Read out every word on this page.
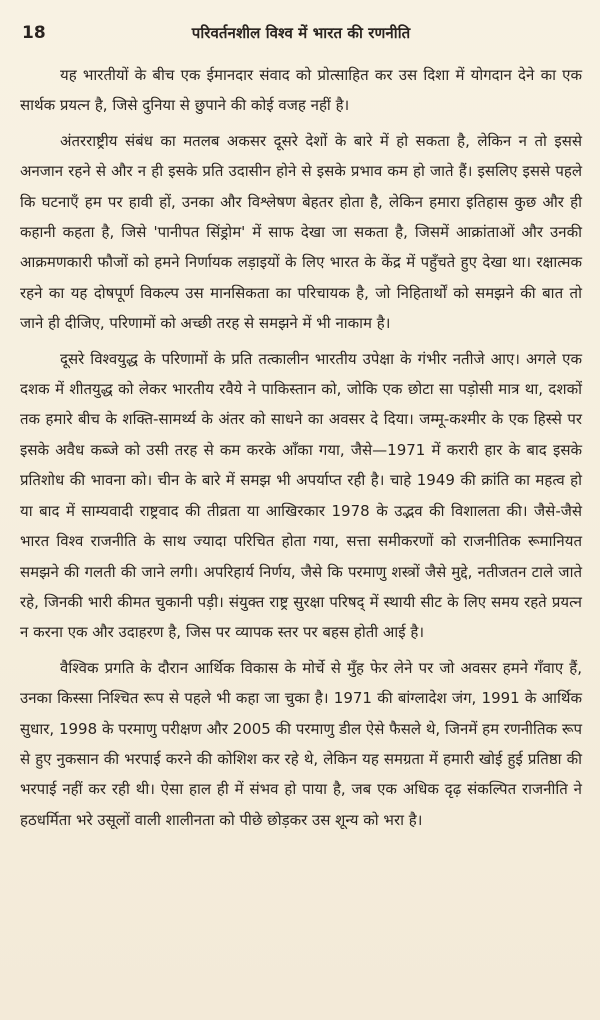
18	परिवर्तनशील विश्व में भारत की रणनीति

यह भारतीयों के बीच एक ईमानदार संवाद को प्रोत्साहित कर उस दिशा में योगदान देने का एक सार्थक प्रयत्न है, जिसे दुनिया से छुपाने की कोई वजह नहीं है।

अंतरराष्ट्रीय संबंध का मतलब अकसर दूसरे देशों के बारे में हो सकता है, लेकिन न तो इससे अनजान रहने से और न ही इसके प्रति उदासीन होने से इसके प्रभाव कम हो जाते हैं। इसलिए इससे पहले कि घटनाएँ हम पर हावी हों, उनका और विश्लेषण बेहतर होता है, लेकिन हमारा इतिहास कुछ और ही कहानी कहता है, जिसे 'पानीपत सिंड्रोम' में साफ देखा जा सकता है, जिसमें आक्रांताओं और उनकी आक्रमणकारी फौजों को हमने निर्णायक लड़ाइयों के लिए भारत के केंद्र में पहुँचते हुए देखा था। रक्षात्मक रहने का यह दोषपूर्ण विकल्प उस मानसिकता का परिचायक है, जो निहितार्थों को समझने की बात तो जाने ही दीजिए, परिणामों को अच्छी तरह से समझने में भी नाकाम है।

दूसरे विश्वयुद्ध के परिणामों के प्रति तत्कालीन भारतीय उपेक्षा के गंभीर नतीजे आए। अगले एक दशक में शीतयुद्ध को लेकर भारतीय रवैये ने पाकिस्तान को, जोकि एक छोटा सा पड़ोसी मात्र था, दशकों तक हमारे बीच के शक्ति-सामर्थ्य के अंतर को साधने का अवसर दे दिया। जम्मू-कश्मीर के एक हिस्से पर इसके अवैध कब्जे को उसी तरह से कम करके आँका गया, जैसे—1971 में करारी हार के बाद इसके प्रतिशोध की भावना को। चीन के बारे में समझ भी अपर्याप्त रही है। चाहे 1949 की क्रांति का महत्व हो या बाद में साम्यवादी राष्ट्रवाद की तीव्रता या आखिरकार 1978 के उद्भव की विशालता की। जैसे-जैसे भारत विश्व राजनीति के साथ ज्यादा परिचित होता गया, सत्ता समीकरणों को राजनीतिक रूमानियत समझने की गलती की जाने लगी। अपरिहार्य निर्णय, जैसे कि परमाणु शस्त्रों जैसे मुद्दे, नतीजतन टाले जाते रहे, जिनकी भारी कीमत चुकानी पड़ी। संयुक्त राष्ट्र सुरक्षा परिषद् में स्थायी सीट के लिए समय रहते प्रयत्न न करना एक और उदाहरण है, जिस पर व्यापक स्तर पर बहस होती आई है।

वैश्विक प्रगति के दौरान आर्थिक विकास के मोर्चे से मुँह फेर लेने पर जो अवसर हमने गँवाए हैं, उनका किस्सा निश्चित रूप से पहले भी कहा जा चुका है। 1971 की बांग्लादेश जंग, 1991 के आर्थिक सुधार, 1998 के परमाणु परीक्षण और 2005 की परमाणु डील ऐसे फैसले थे, जिनमें हम रणनीतिक रूप से हुए नुकसान की भरपाई करने की कोशिश कर रहे थे, लेकिन यह समग्रता में हमारी खोई हुई प्रतिष्ठा की भरपाई नहीं कर रही थी। ऐसा हाल ही में संभव हो पाया है, जब एक अधिक दृढ़ संकल्पित राजनीति ने हठधर्मिता भरे उसूलों वाली शालीनता को पीछे छोड़कर उस शून्य को भरा है।
